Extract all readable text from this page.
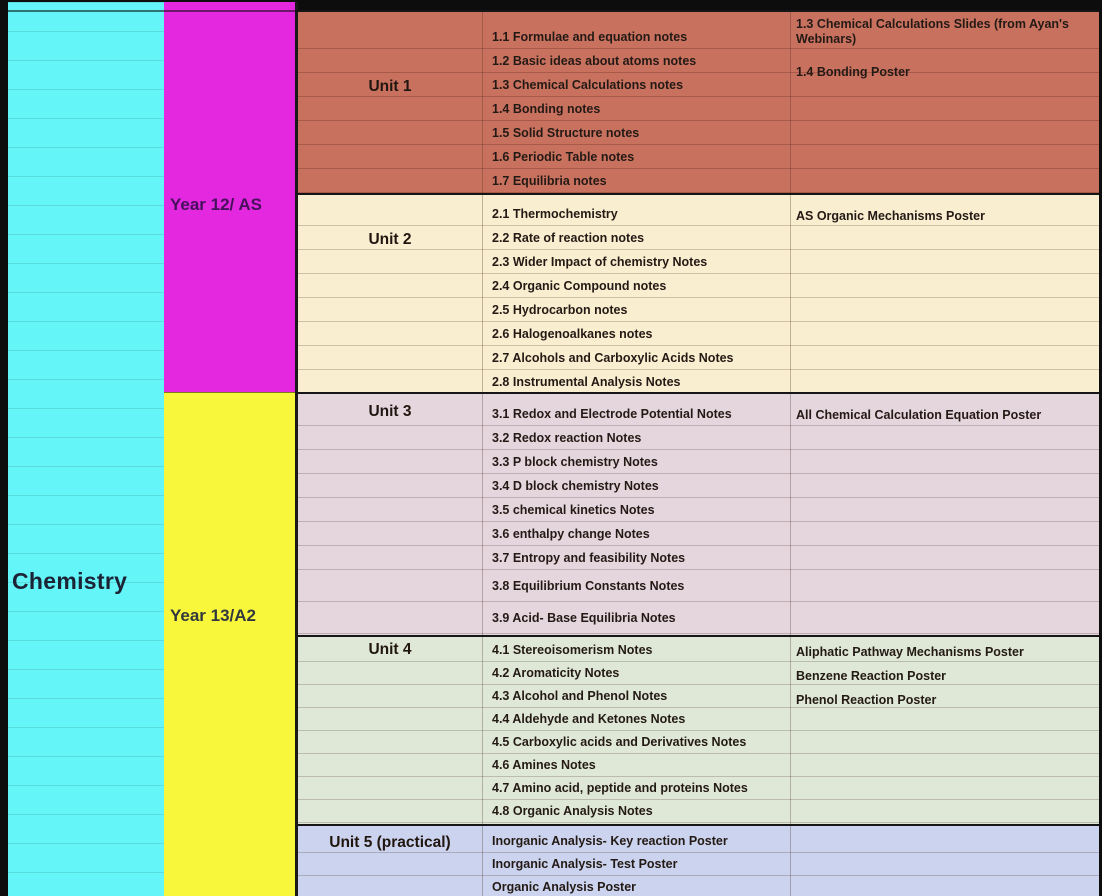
Chemistry
Year 12/ AS
Year 13/A2
1.1 Formulae and equation notes
1.2 Basic ideas about atoms notes
1.3 Chemical Calculations notes
1.4 Bonding notes
1.5 Solid Structure notes
1.6 Periodic Table notes
1.7 Equilibria notes
Unit 1
1.3 Chemical Calculations Slides (from Ayan's Webinars)
1.4 Bonding Poster
2.1 Thermochemistry
2.2 Rate of reaction notes
2.3 Wider Impact of chemistry Notes
2.4 Organic Compound notes
2.5 Hydrocarbon notes
2.6 Halogenoalkanes notes
2.7 Alcohols and Carboxylic Acids Notes
2.8 Instrumental Analysis Notes
Unit 2
AS Organic Mechanisms Poster
3.1 Redox and Electrode Potential Notes
3.2 Redox reaction Notes
3.3 P block chemistry Notes
3.4 D block chemistry Notes
3.5 chemical kinetics Notes
3.6 enthalpy change Notes
3.7 Entropy and feasibility Notes
3.8 Equilibrium Constants Notes
3.9 Acid- Base Equilibria Notes
Unit 3	All Chemical Calculation Equation Poster
4.1 Stereoisomerism Notes
4.2 Aromaticity Notes
4.3 Alcohol and Phenol Notes
4.4 Aldehyde and Ketones Notes
4.5 Carboxylic acids and Derivatives Notes
4.6 Amines Notes
4.7 Amino acid, peptide and proteins Notes
4.8 Organic Analysis Notes
Unit 4	Aliphatic Pathway Mechanisms Poster
Benzene Reaction Poster
Phenol Reaction Poster
Inorganic Analysis- Key reaction Poster
Inorganic Analysis- Test Poster
Organic Analysis Poster
Unit 5 (practical)
